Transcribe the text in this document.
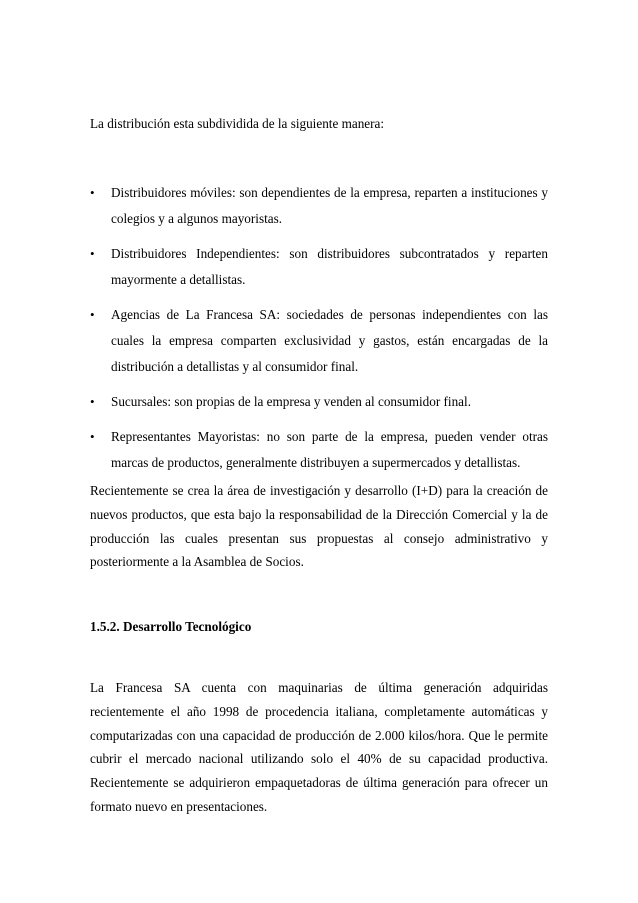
La distribución esta subdividida de la siguiente manera:

• Distribuidores móviles: son dependientes de la empresa, reparten a instituciones y colegios y a algunos mayoristas.
• Distribuidores Independientes: son distribuidores subcontratados y reparten mayormente a detallistas.
• Agencias de La Francesa SA: sociedades de personas independientes con las cuales la empresa comparten exclusividad y gastos, están encargadas de la distribución a detallistas y al consumidor final.
• Sucursales: son propias de la empresa y venden al consumidor final.
• Representantes Mayoristas: no son parte de la empresa, pueden vender otras marcas de productos, generalmente distribuyen a supermercados y detallistas.

Recientemente se crea la área de investigación y desarrollo (I+D) para la creación de nuevos productos, que esta bajo la responsabilidad de la Dirección Comercial y la de producción las cuales presentan sus propuestas al consejo administrativo y posteriormente a la Asamblea de Socios.

1.5.2. Desarrollo Tecnológico

La Francesa SA cuenta con maquinarias de última generación adquiridas recientemente el año 1998 de procedencia italiana, completamente automáticas y computarizadas con una capacidad de producción de 2.000 kilos/hora. Que le permite cubrir el mercado nacional utilizando solo el 40% de su capacidad productiva. Recientemente se adquirieron empaquetadoras de última generación para ofrecer un formato nuevo en presentaciones.
